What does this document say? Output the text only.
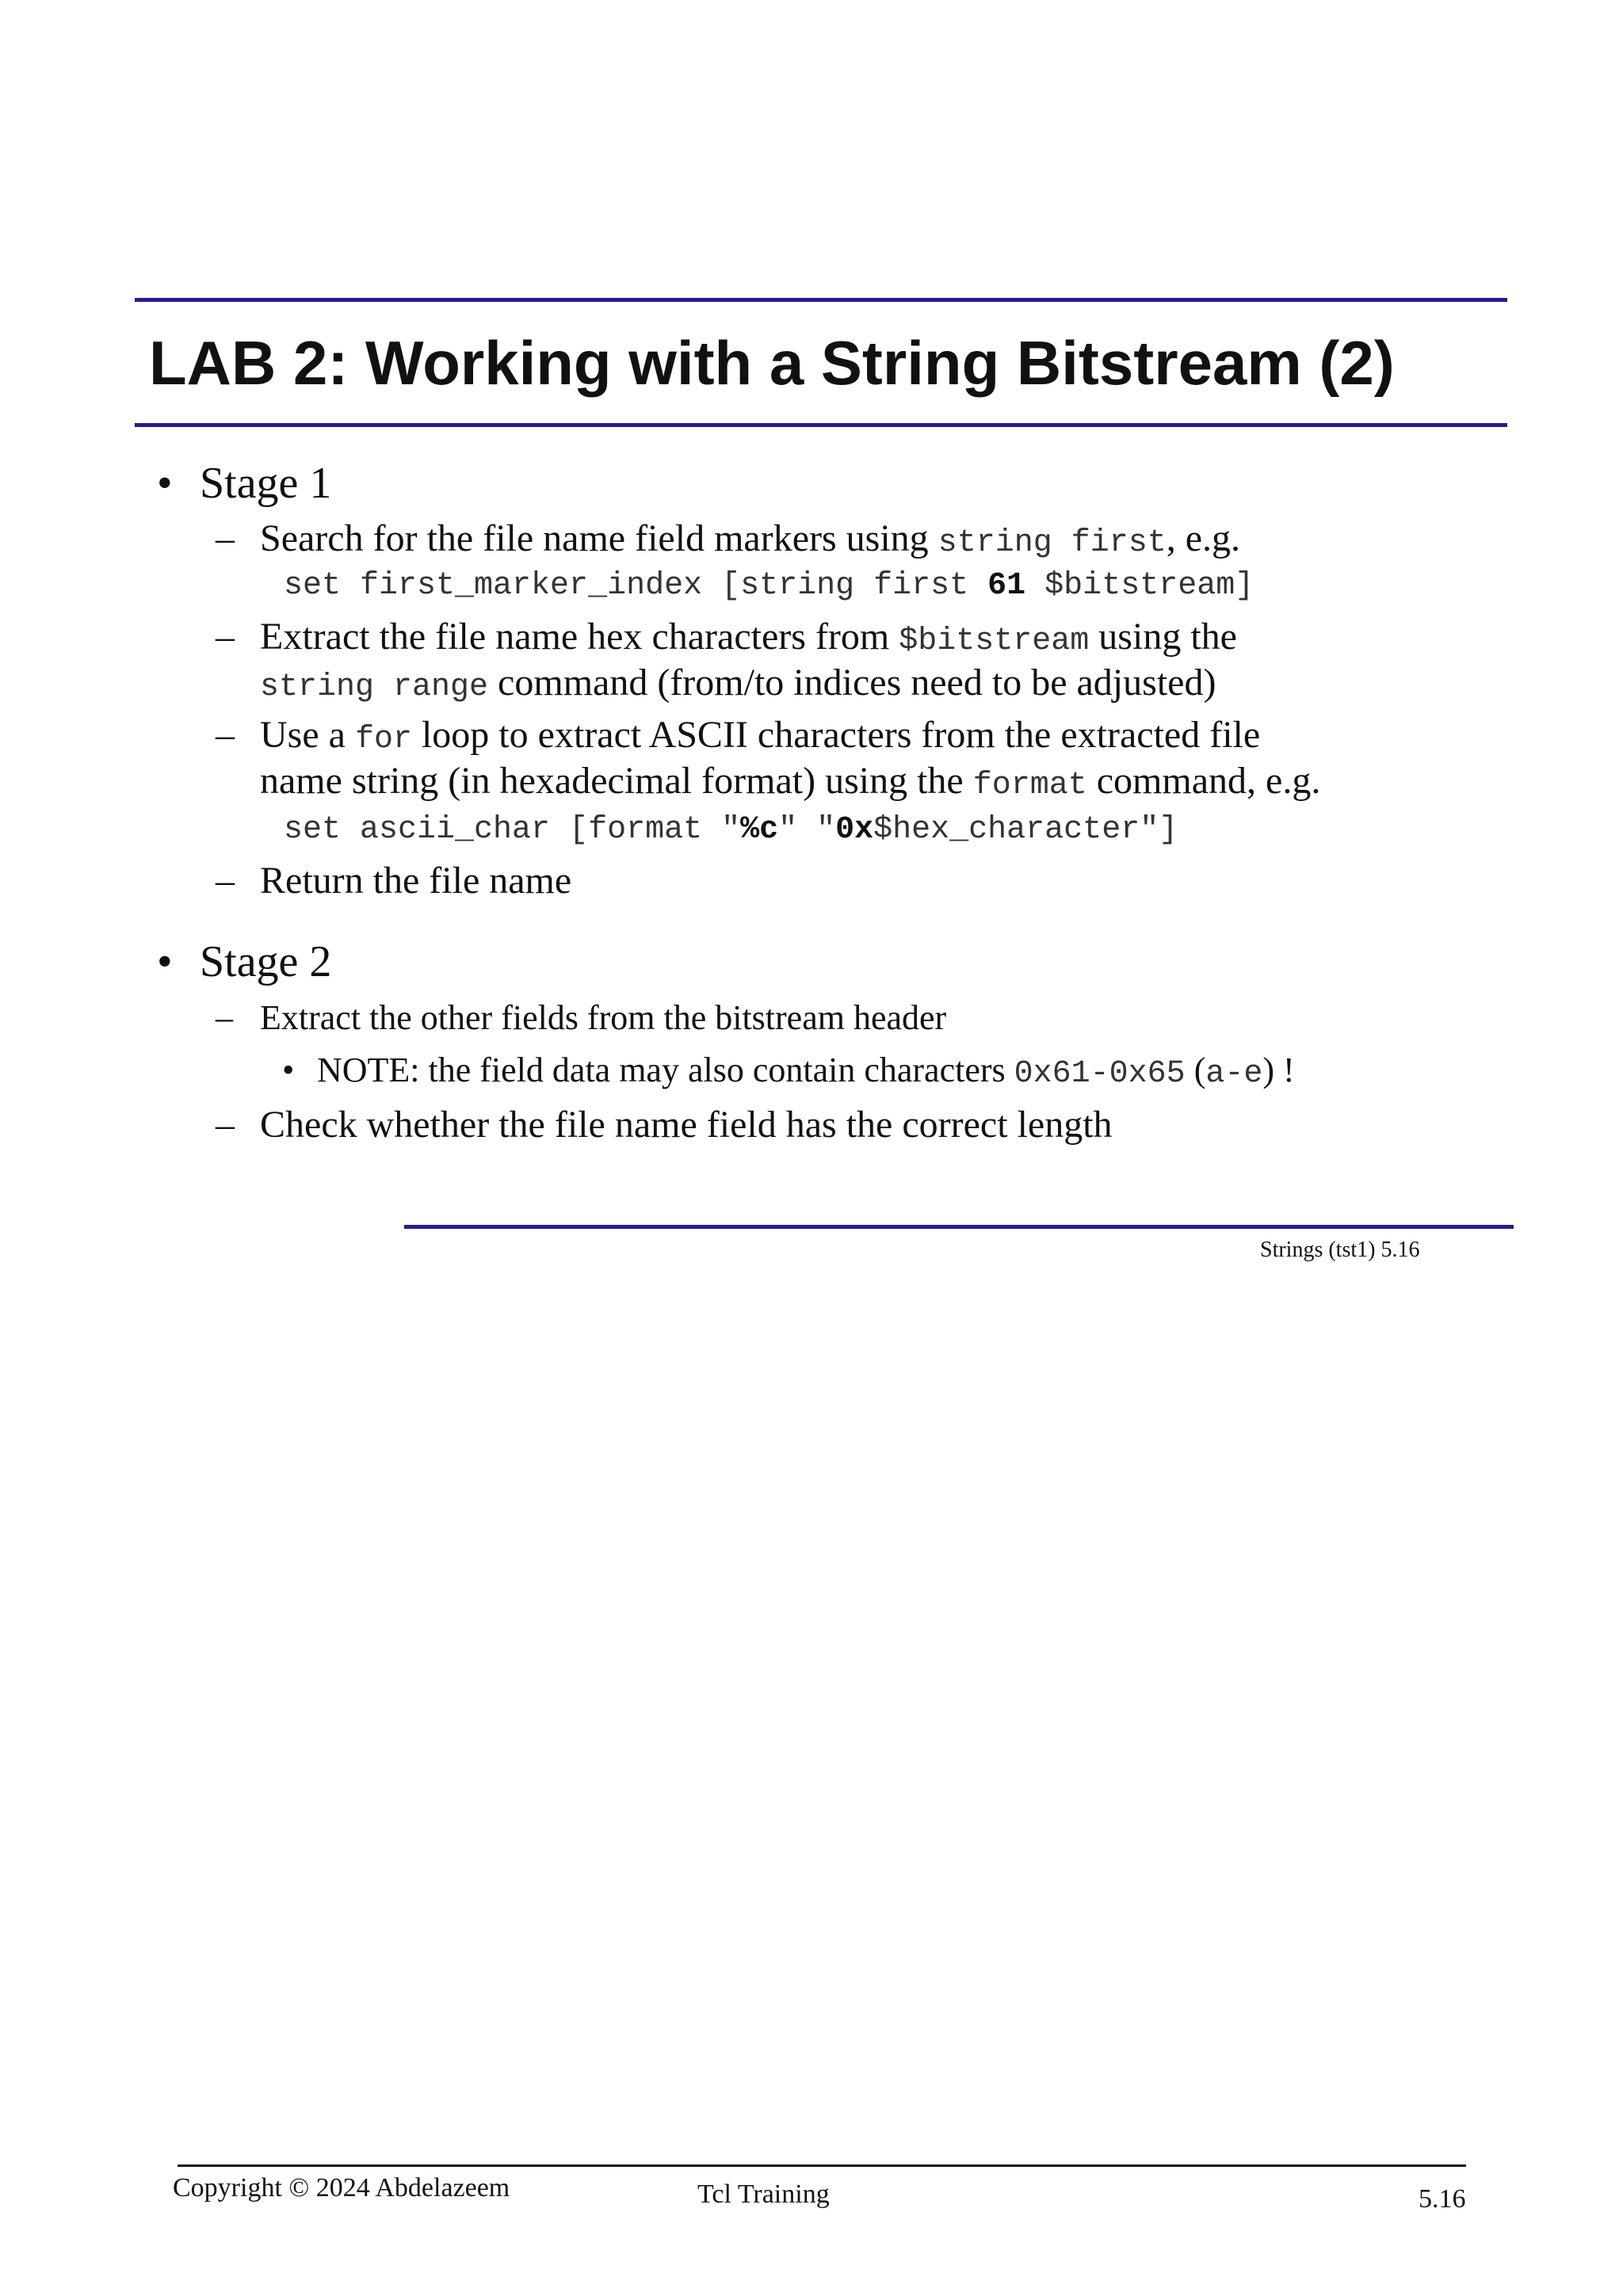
LAB 2: Working with a String Bitstream (2)
• Stage 1
– Search for the file name field markers using string first, e.g.
set first_marker_index [string first 61 $bitstream]
– Extract the file name hex characters from $bitstream using the
string range command (from/to indices need to be adjusted)
– Use a for loop to extract ASCII characters from the extracted file
name string (in hexadecimal format) using the format command, e.g.
set ascii_char [format "%c" "0x$hex_character"]
– Return the file name
• Stage 2
– Extract the other fields from the bitstream header
• NOTE: the field data may also contain characters 0x61-0x65 (a-e) !
– Check whether the file name field has the correct length
Strings (tst1) 5.16
Copyright © 2024 Abdelazeem	Tcl Training	5.16
